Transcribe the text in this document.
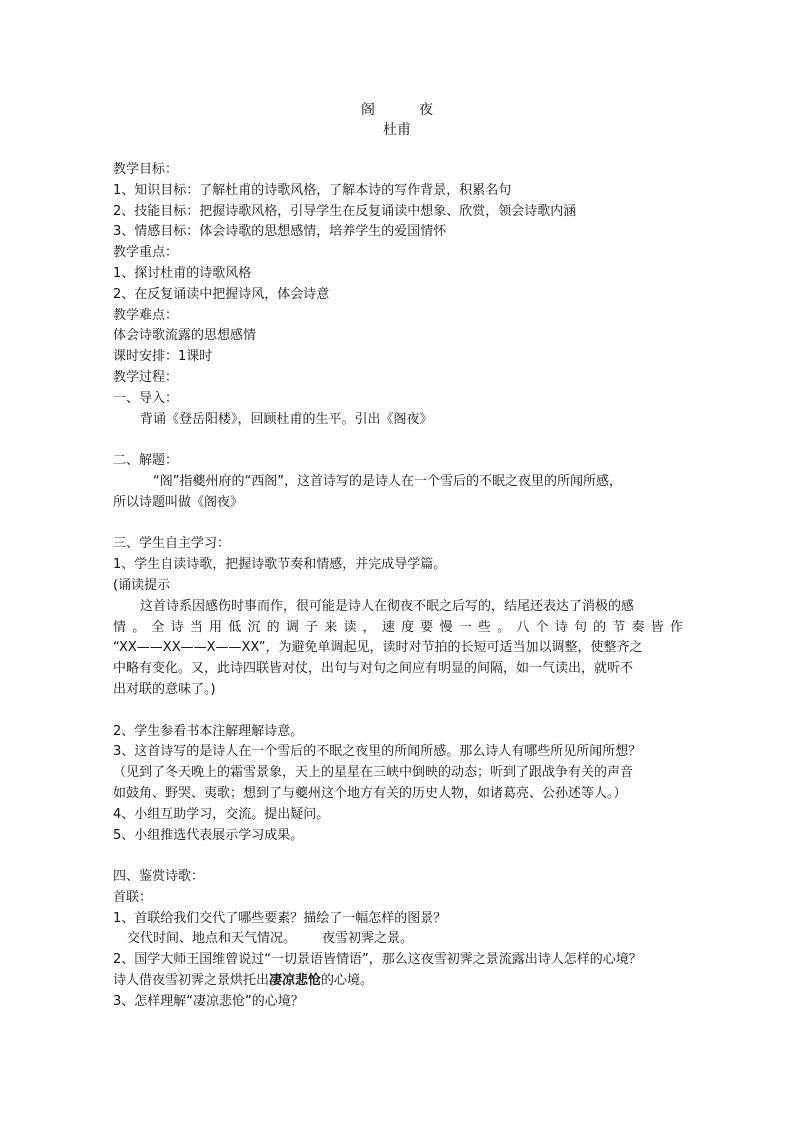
阁	夜
杜甫
教学目标：
1、知识目标：了解杜甫的诗歌风格，了解本诗的写作背景，积累名句
2、技能目标：把握诗歌风格，引导学生在反复诵读中想象、欣赏，领会诗歌内涵
3、情感目标：体会诗歌的思想感情，培养学生的爱国情怀
教学重点：
1、探讨杜甫的诗歌风格
2、在反复诵读中把握诗风，体会诗意
教学难点：
体会诗歌流露的思想感情
课时安排：1课时
教学过程：
一、导入：
背诵《登岳阳楼》，回顾杜甫的生平。引出《阁夜》
二、解题：
“阁”指夔州府的“西阁”，这首诗写的是诗人在一个雪后的不眠之夜里的所闻所感，
所以诗题叫做《阁夜》
三、学生自主学习：
1、学生自读诗歌，把握诗歌节奏和情感，并完成导学篇。
(诵读提示
这首诗系因感伤时事而作，很可能是诗人在彻夜不眠之后写的，结尾还表达了消极的感
情。全诗当用低沉的调子来读，速度要慢一些。八个诗句的节奏皆作
“XX——XX——X——XX”，为避免单调起见，读时对节拍的长短可适当加以调整，使整齐之
中略有变化。又，此诗四联皆对仗，出句与对句之间应有明显的间隔，如一气读出，就听不
出对联的意味了。)
2、学生参看书本注解理解诗意。
3、这首诗写的是诗人在一个雪后的不眠之夜里的所闻所感。那么诗人有哪些所见所闻所想？
（见到了冬天晚上的霜雪景象，天上的星星在三峡中倒映的动态；听到了跟战争有关的声音
如鼓角、野哭、夷歌；想到了与夔州这个地方有关的历史人物，如诸葛亮、公孙述等人。）
4、小组互助学习，交流。提出疑问。
5、小组推选代表展示学习成果。
四、鉴赏诗歌：
首联：
1、首联给我们交代了哪些要素？描绘了一幅怎样的图景？
交代时间、地点和天气情况。 夜雪初霁之景。
2、国学大师王国维曾说过“一切景语皆情语”，那么这夜雪初霁之景流露出诗人怎样的心境？
诗人借夜雪初霁之景烘托出凄凉悲怆的心境。
3、怎样理解“凄凉悲怆”的心境？
